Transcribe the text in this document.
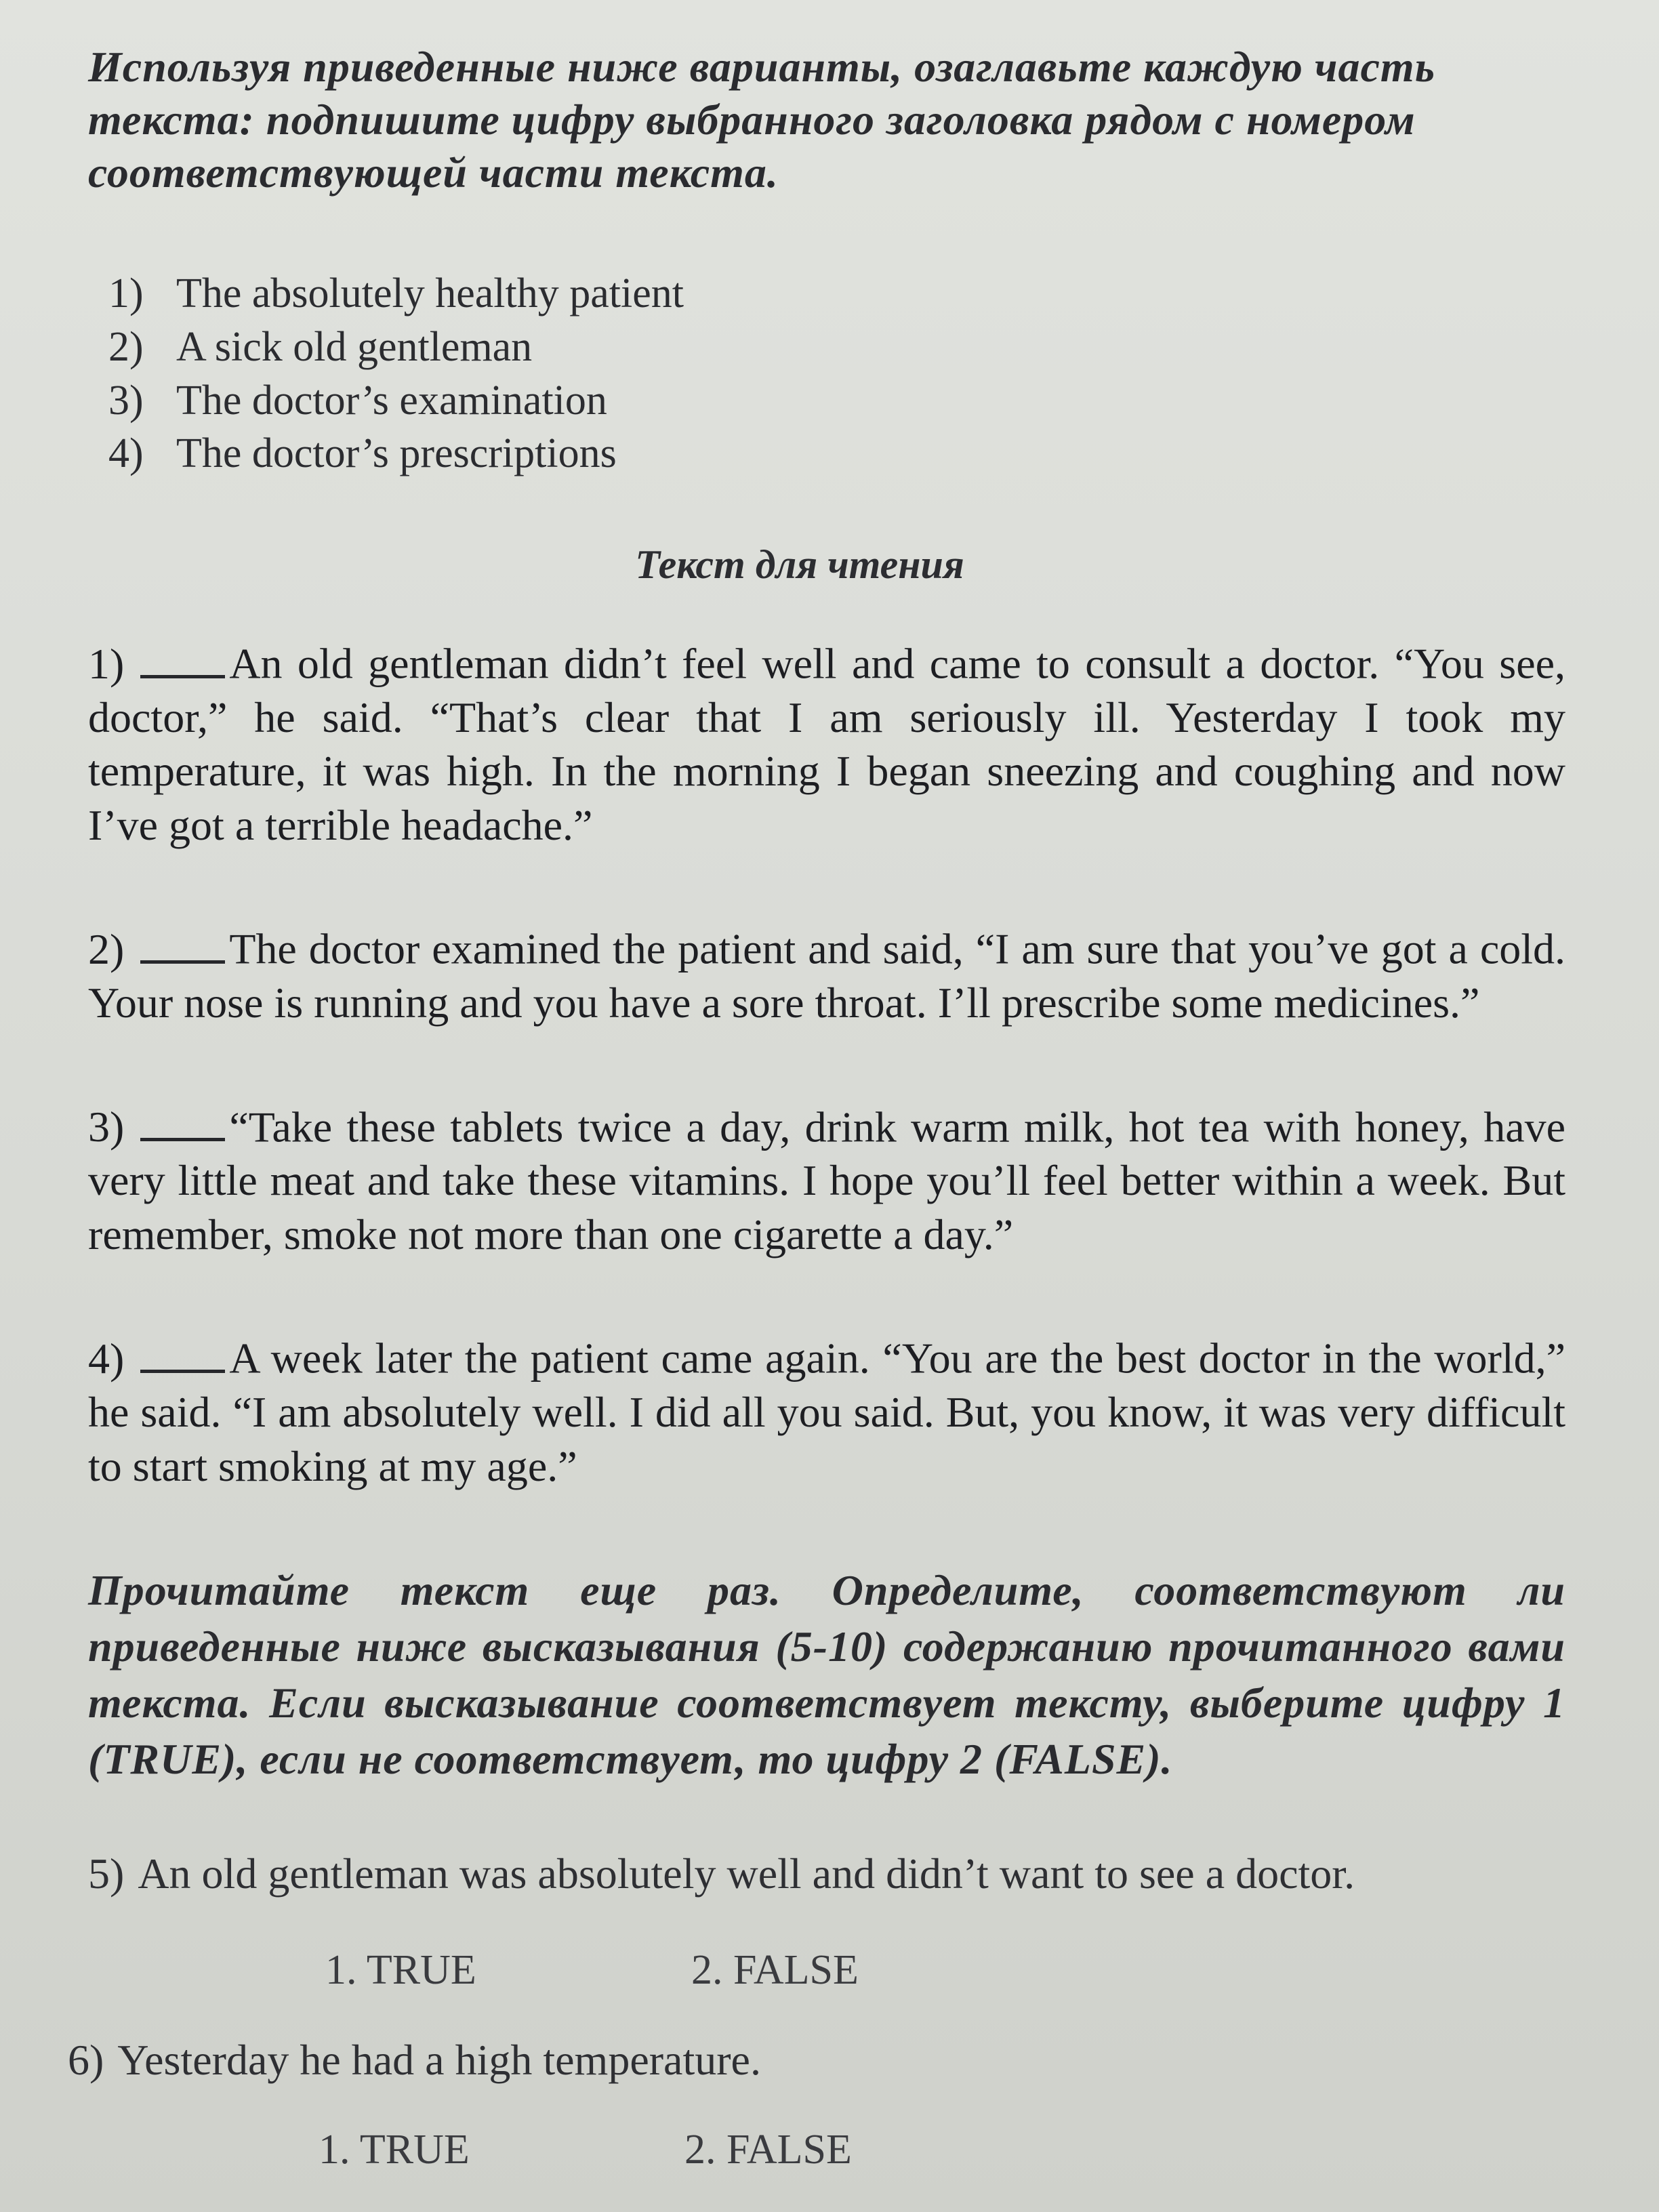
Используя приведенные ниже варианты, озаглавьте каждую часть
текста: подпишите цифру выбранного заголовка рядом с номером
соответствующей части текста.

1) The absolutely healthy patient
2) A sick old gentleman
3) The doctor’s examination
4) The doctor’s prescriptions
Текст для чтения

1) An old gentleman didn’t feel well and came to consult a doctor. “You see, doctor,” he said. “That’s clear that I am seriously ill. Yesterday I took my temperature, it was high. In the morning I began sneezing and coughing and now I’ve got a terrible headache.”

2) The doctor examined the patient and said, “I am sure that you’ve got a cold. Your nose is running and you have a sore throat. I’ll prescribe some medicines.”

3) “Take these tablets twice a day, drink warm milk, hot tea with honey, have very little meat and take these vitamins. I hope you’ll feel better within a week. But remember, smoke not more than one cigarette a day.”

4) A week later the patient came again. “You are the best doctor in the world,” he said. “I am absolutely well. I did all you said. But, you know, it was very difficult to start smoking at my age.”

Прочитайте текст еще раз. Определите, соответствуют ли приведенные ниже высказывания (5-10) содержанию прочитанного вами текста. Если высказывание соответствует тексту, выберите цифру 1 (TRUE), если не соответствует, то цифру 2 (FALSE).

5) An old gentleman was absolutely well and didn’t want to see a doctor.
1. TRUE	2. FALSE
6) Yesterday he had a high temperature.
1. TRUE	2. FALSE
